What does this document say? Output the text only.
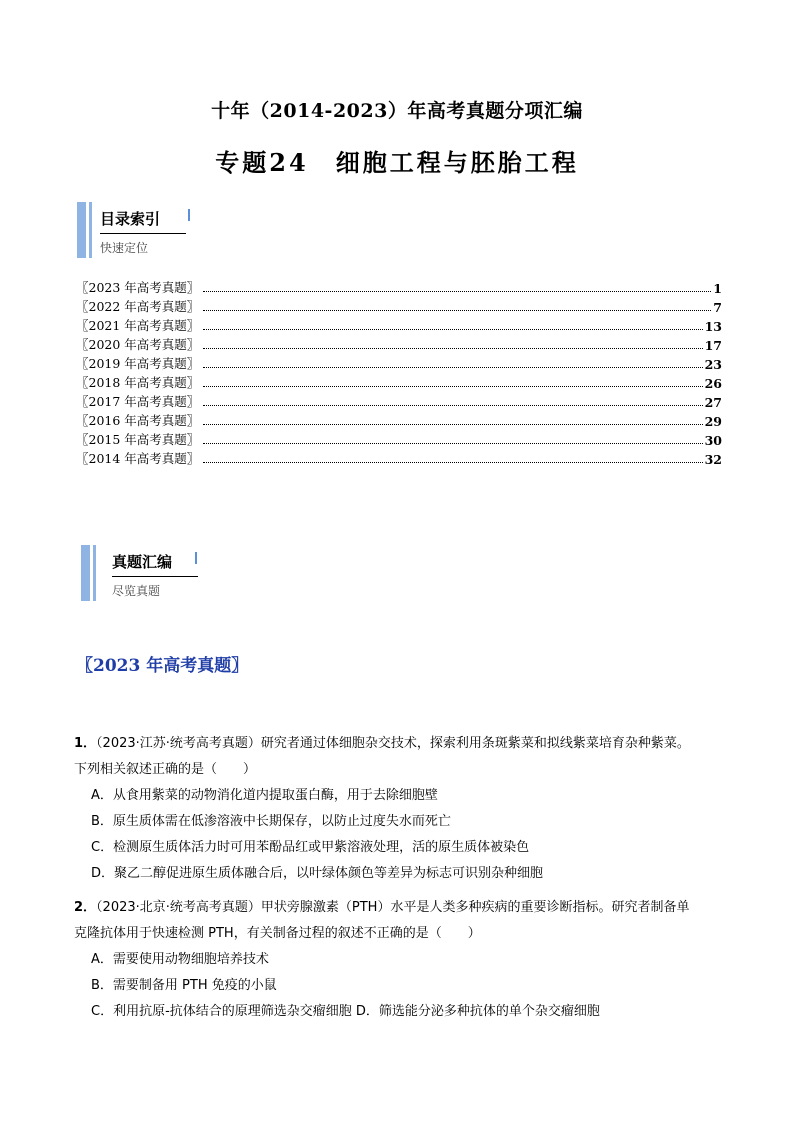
十年（2014-2023）年高考真题分项汇编
专题24　细胞工程与胚胎工程
目录索引
快速定位
〖2023 年高考真题〗	1
〖2022 年高考真题〗	7
〖2021 年高考真题〗	13
〖2020 年高考真题〗	17
〖2019 年高考真题〗	23
〖2018 年高考真题〗	26
〖2017 年高考真题〗	27
〖2016 年高考真题〗	29
〖2015 年高考真题〗	30
〖2014 年高考真题〗	32
真题汇编
尽览真题
〖2023 年高考真题〗
1．（2023·江苏·统考高考真题）研究者通过体细胞杂交技术，探索利用条斑紫菜和拟线紫菜培育杂种紫菜。
下列相关叙述正确的是（　　）
A．从食用紫菜的动物消化道内提取蛋白酶，用于去除细胞壁
B．原生质体需在低渗溶液中长期保存，以防止过度失水而死亡
C．检测原生质体活力时可用苯酚品红或甲紫溶液处理，活的原生质体被染色
D．聚乙二醇促进原生质体融合后，以叶绿体颜色等差异为标志可识别杂种细胞
2．（2023·北京·统考高考真题）甲状旁腺激素（PTH）水平是人类多种疾病的重要诊断指标。研究者制备单
克隆抗体用于快速检测 PTH，有关制备过程的叙述不正确的是（　　）
A．需要使用动物细胞培养技术
B．需要制备用 PTH 免疫的小鼠
C．利用抗原-抗体结合的原理筛选杂交瘤细胞 D．筛选能分泌多种抗体的单个杂交瘤细胞
